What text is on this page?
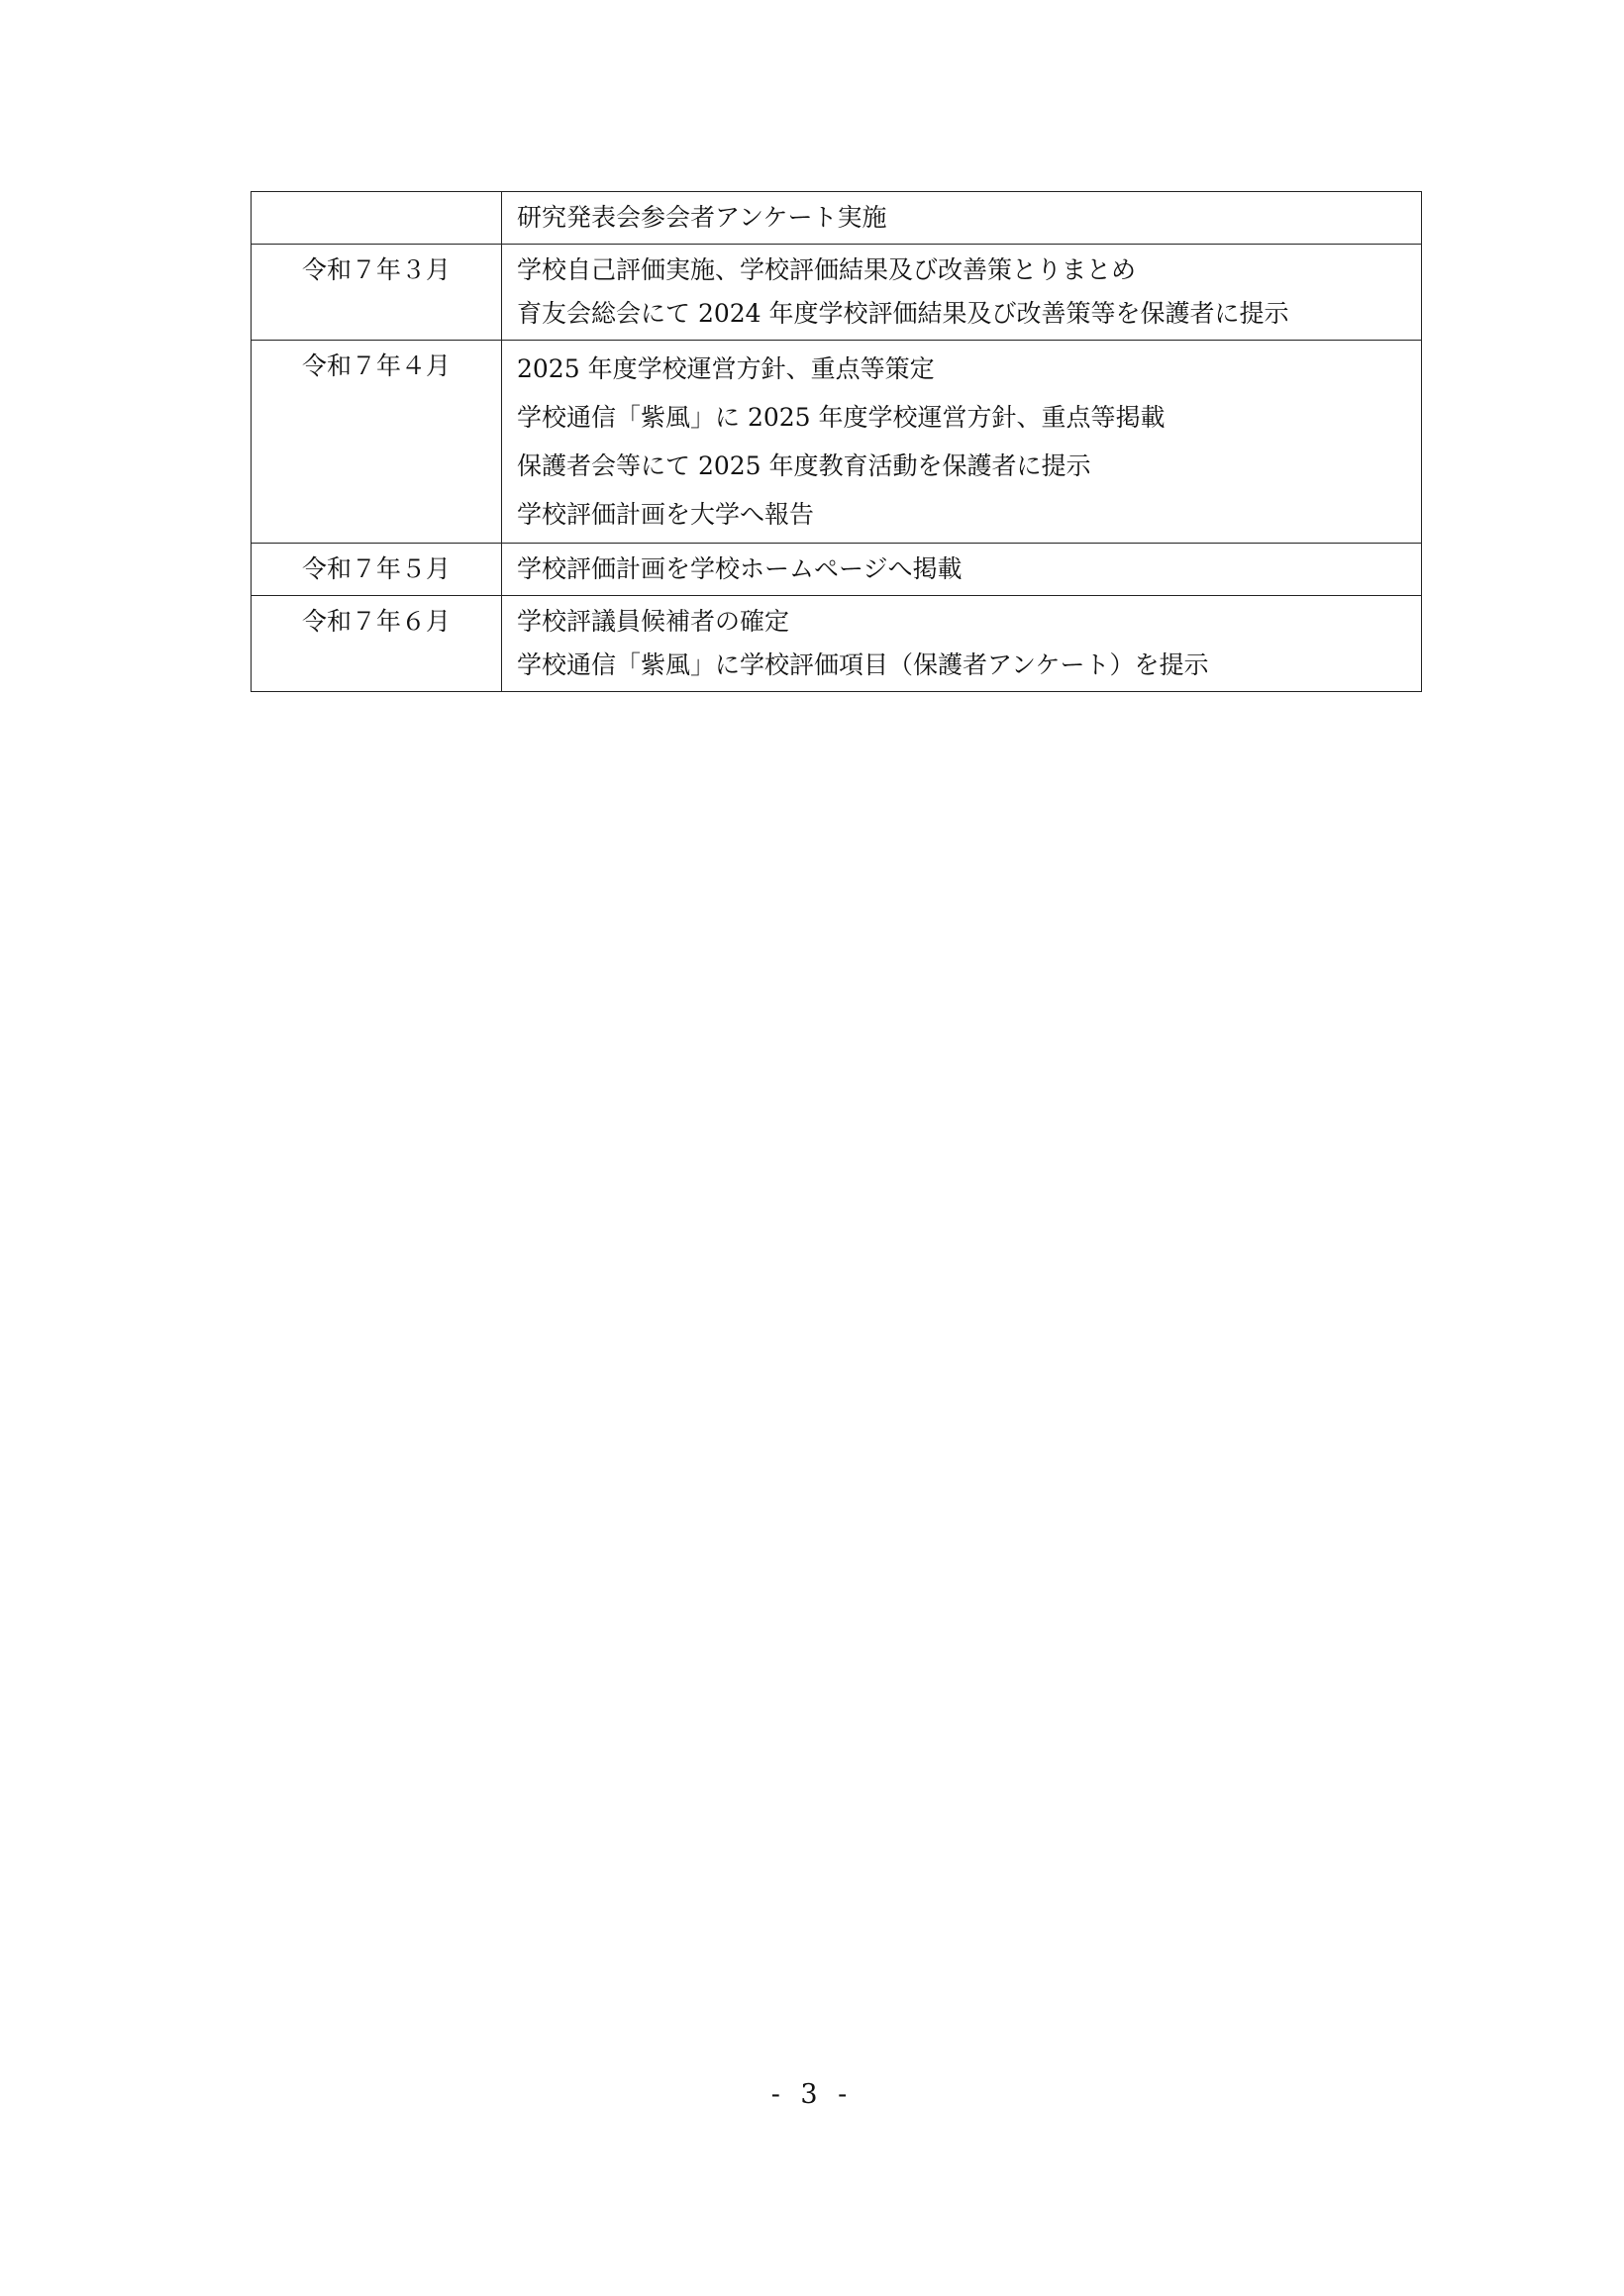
	研究発表会参会者アンケート実施

令和７年３月	学校自己評価実施、学校評価結果及び改善策とりまとめ
育友会総会にて 2024 年度学校評価結果及び改善策等を保護者に提示

令和７年４月	2025 年度学校運営方針、重点等策定
学校通信「紫風」に 2025 年度学校運営方針、重点等掲載
保護者会等にて 2025 年度教育活動を保護者に提示
学校評価計画を大学へ報告

令和７年５月	学校評価計画を学校ホームページへ掲載

令和７年６月	学校評議員候補者の確定
学校通信「紫風」に学校評価項目（保護者アンケート）を提示
- 3 -
